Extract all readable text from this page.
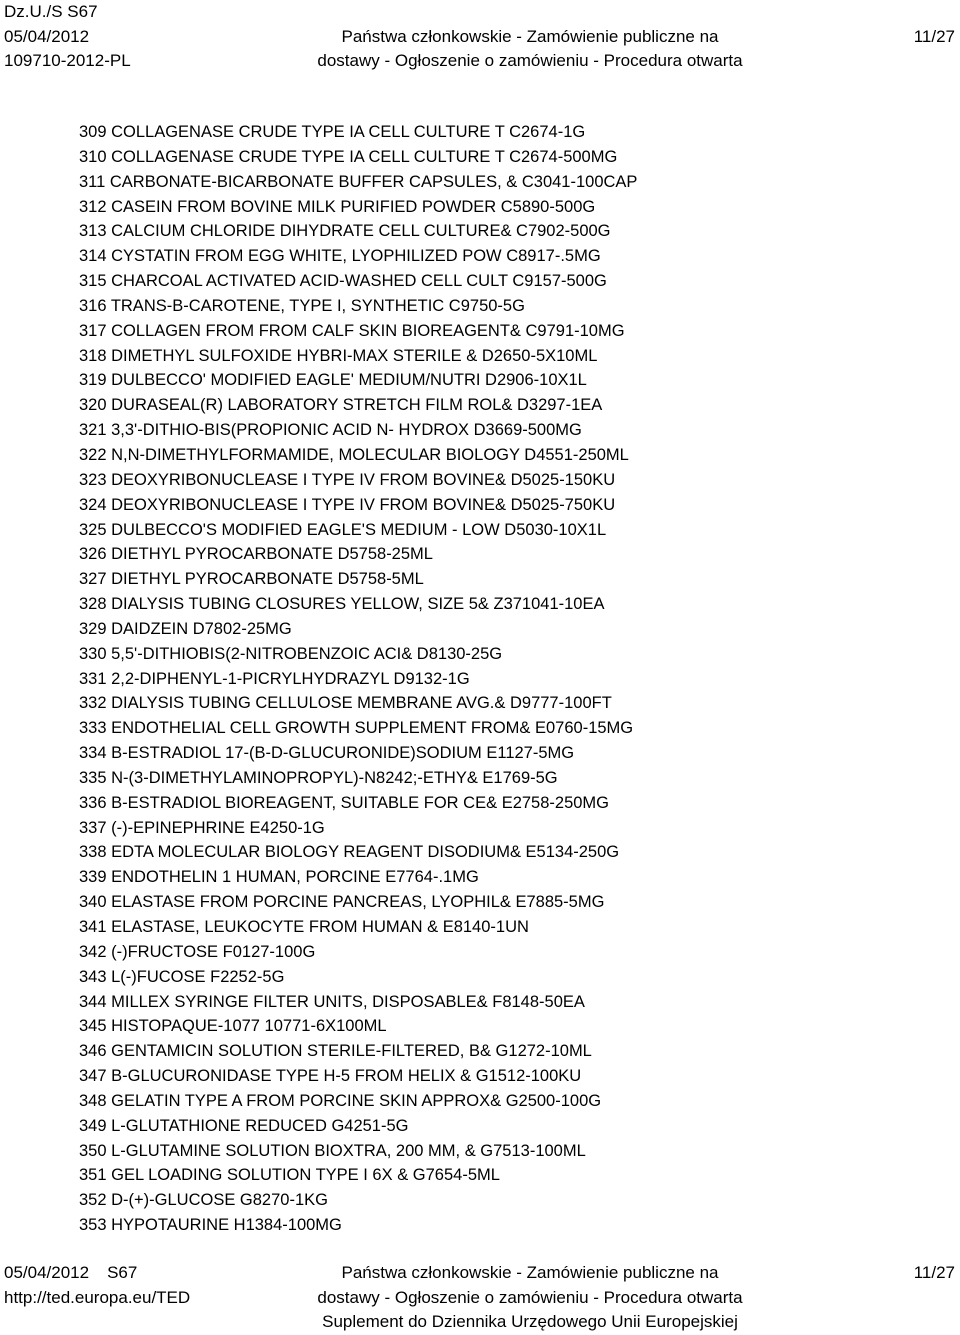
Dz.U./S S67
05/04/2012
109710-2012-PL

Państwa członkowskie - Zamówienie publiczne na
dostawy - Ogłoszenie o zamówieniu - Procedura otwarta

11/27
309 COLLAGENASE CRUDE TYPE IA CELL CULTURE T C2674-1G
310 COLLAGENASE CRUDE TYPE IA CELL CULTURE T C2674-500MG
311 CARBONATE-BICARBONATE BUFFER CAPSULES, & C3041-100CAP
312 CASEIN FROM BOVINE MILK PURIFIED POWDER C5890-500G
313 CALCIUM CHLORIDE DIHYDRATE CELL CULTURE& C7902-500G
314 CYSTATIN FROM EGG WHITE, LYOPHILIZED POW C8917-.5MG
315 CHARCOAL ACTIVATED ACID-WASHED CELL CULT C9157-500G
316 TRANS-B-CAROTENE, TYPE I, SYNTHETIC C9750-5G
317 COLLAGEN FROM FROM CALF SKIN BIOREAGENT& C9791-10MG
318 DIMETHYL SULFOXIDE HYBRI-MAX STERILE & D2650-5X10ML
319 DULBECCO' MODIFIED EAGLE' MEDIUM/NUTRI D2906-10X1L
320 DURASEAL(R) LABORATORY STRETCH FILM ROL& D3297-1EA
321 3,3'-DITHIO-BIS(PROPIONIC ACID N- HYDROX D3669-500MG
322 N,N-DIMETHYLFORMAMIDE, MOLECULAR BIOLOGY D4551-250ML
323 DEOXYRIBONUCLEASE I TYPE IV FROM BOVINE& D5025-150KU
324 DEOXYRIBONUCLEASE I TYPE IV FROM BOVINE& D5025-750KU
325 DULBECCO'S MODIFIED EAGLE'S MEDIUM - LOW D5030-10X1L
326 DIETHYL PYROCARBONATE D5758-25ML
327 DIETHYL PYROCARBONATE D5758-5ML
328 DIALYSIS TUBING CLOSURES YELLOW, SIZE 5& Z371041-10EA
329 DAIDZEIN D7802-25MG
330 5,5'-DITHIOBIS(2-NITROBENZOIC ACI& D8130-25G
331 2,2-DIPHENYL-1-PICRYLHYDRAZYL D9132-1G
332 DIALYSIS TUBING CELLULOSE MEMBRANE AVG.& D9777-100FT
333 ENDOTHELIAL CELL GROWTH SUPPLEMENT FROM& E0760-15MG
334 B-ESTRADIOL 17-(B-D-GLUCURONIDE)SODIUM E1127-5MG
335 N-(3-DIMETHYLAMINOPROPYL)-N8242;-ETHY& E1769-5G
336 B-ESTRADIOL BIOREAGENT, SUITABLE FOR CE& E2758-250MG
337 (-)-EPINEPHRINE E4250-1G
338 EDTA MOLECULAR BIOLOGY REAGENT DISODIUM& E5134-250G
339 ENDOTHELIN 1 HUMAN, PORCINE E7764-.1MG
340 ELASTASE FROM PORCINE PANCREAS, LYOPHIL& E7885-5MG
341 ELASTASE, LEUKOCYTE FROM HUMAN & E8140-1UN
342 (-)FRUCTOSE F0127-100G
343 L(-)FUCOSE F2252-5G
344 MILLEX SYRINGE FILTER UNITS, DISPOSABLE& F8148-50EA
345 HISTOPAQUE-1077 10771-6X100ML
346 GENTAMICIN SOLUTION STERILE-FILTERED, B& G1272-10ML
347 B-GLUCURONIDASE TYPE H-5 FROM HELIX & G1512-100KU
348 GELATIN TYPE A FROM PORCINE SKIN APPROX& G2500-100G
349 L-GLUTATHIONE REDUCED G4251-5G
350 L-GLUTAMINE SOLUTION BIOXTRA, 200 MM, & G7513-100ML
351 GEL LOADING SOLUTION TYPE I 6X & G7654-5ML
352 D-(+)-GLUCOSE G8270-1KG
353 HYPOTAURINE H1384-100MG
05/04/2012 S67
http://ted.europa.eu/TED
Państwa członkowskie - Zamówienie publiczne na
dostawy - Ogłoszenie o zamówieniu - Procedura otwarta
Suplement do Dziennika Urzędowego Unii Europejskiej
11/27
